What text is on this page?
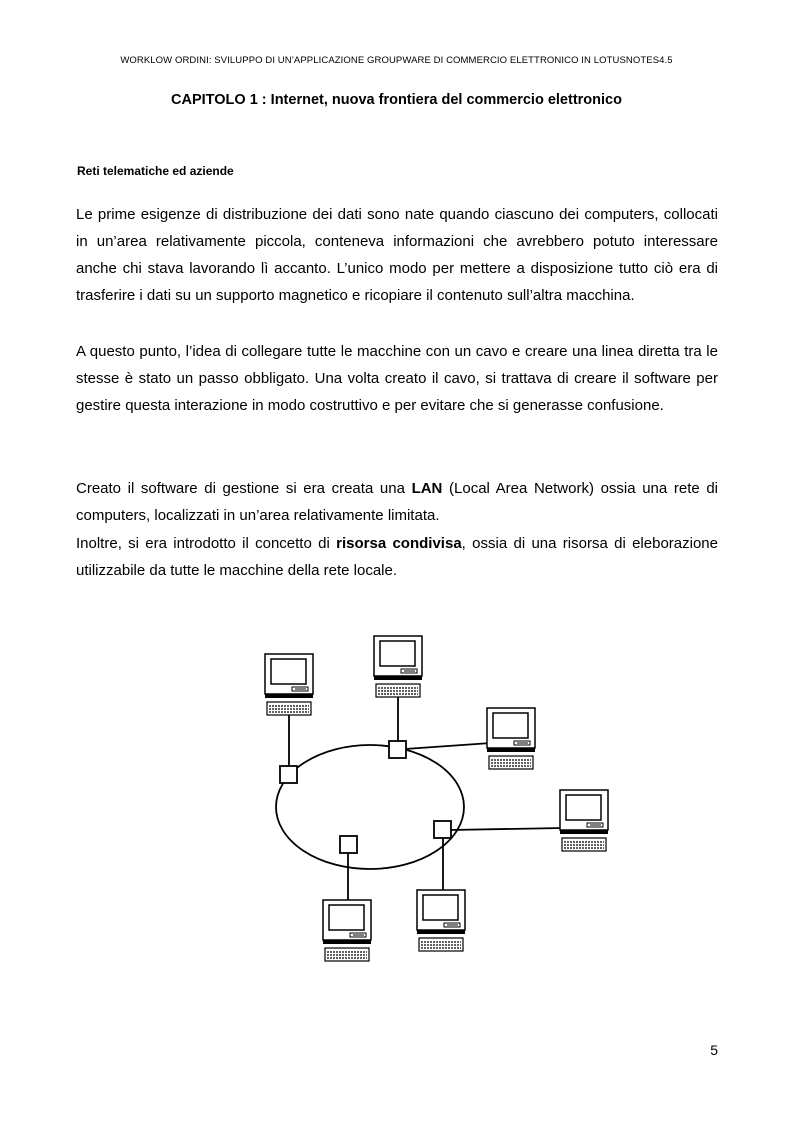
WORKLOW ORDINI: SVILUPPO DI UN’APPLICAZIONE GROUPWARE DI COMMERCIO ELETTRONICO IN LOTUSNOTES4.5
CAPITOLO 1 : Internet, nuova frontiera del commercio elettronico
Reti telematiche ed aziende

Le prime esigenze di distribuzione dei dati sono nate quando ciascuno dei computers, collocati in un’area relativamente piccola, conteneva informazioni che avrebbero potuto interessare anche chi stava lavorando lì accanto. L’unico modo per mettere a disposizione tutto ciò era di trasferire i dati su un supporto magnetico e ricopiare il contenuto sull’altra macchina.

A questo punto, l’idea di collegare tutte le macchine con un cavo e creare una linea diretta tra le stesse è stato un passo obbligato. Una volta creato il cavo, si trattava di creare il software per gestire questa interazione in modo costruttivo e per evitare che si generasse confusione.

Creato il software di gestione si era creata una LAN (Local Area Network) ossia una rete di computers, localizzati in un’area relativamente limitata.

Inoltre, si era introdotto il concetto di risorsa condivisa, ossia di una risorsa di eleborazione utilizzabile da tutte le macchine della rete locale.

5
